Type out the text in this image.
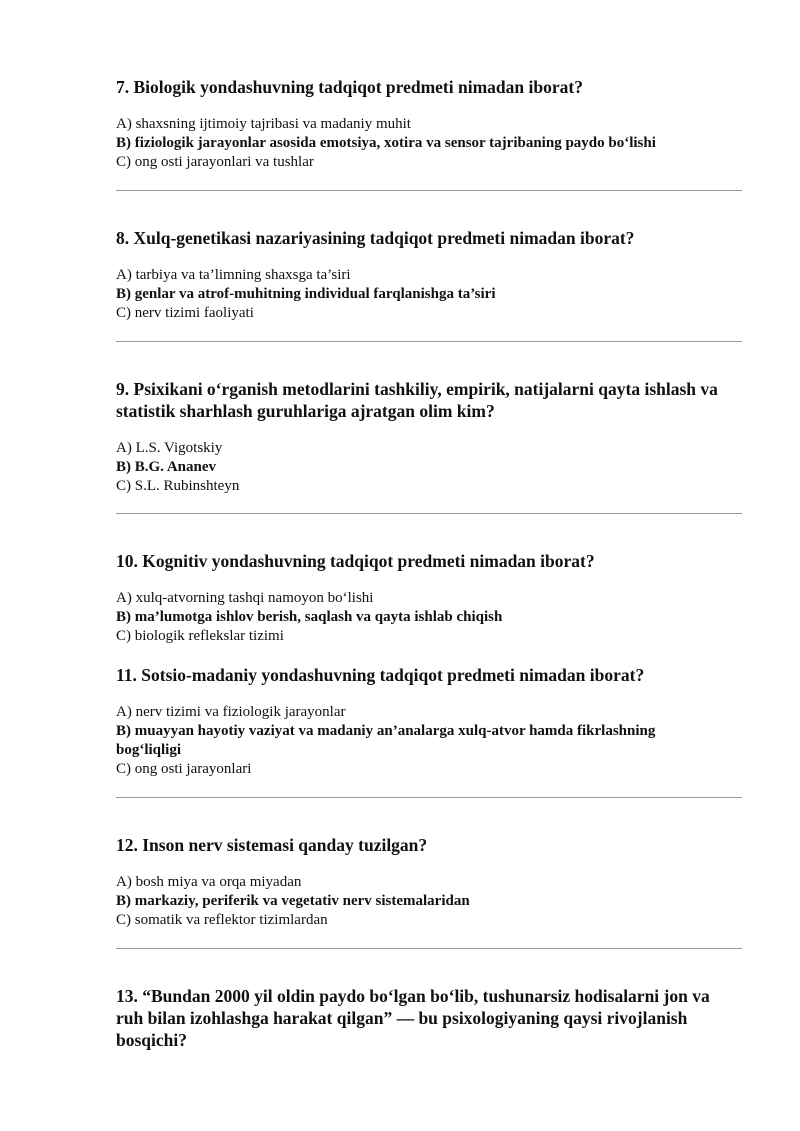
7. Biologik yondashuvning tadqiqot predmeti nimadan iborat?

A) shaxsning ijtimoiy tajribasi va madaniy muhit

B) fiziologik jarayonlar asosida emotsiya, xotira va sensor tajribaning paydo bo‘lishi

C) ong osti jarayonlari va tushlar

8. Xulq-genetikasi nazariyasining tadqiqot predmeti nimadan iborat?

A) tarbiya va ta’limning shaxsga ta’siri

B) genlar va atrof-muhitning individual farqlanishga ta’siri

C) nerv tizimi faoliyati

9. Psixikani o‘rganish metodlarini tashkiliy, empirik, natijalarni qayta ishlash va

statistik sharhlash guruhlariga ajratgan olim kim?

A) L.S. Vigotskiy

B) B.G. Ananev

C) S.L. Rubinshteyn

10. Kognitiv yondashuvning tadqiqot predmeti nimadan iborat?

A) xulq-atvorning tashqi namoyon bo‘lishi

B) ma’lumotga ishlov berish, saqlash va qayta ishlab chiqish

C) biologik reflekslar tizimi

11. Sotsio-madaniy yondashuvning tadqiqot predmeti nimadan iborat?

A) nerv tizimi va fiziologik jarayonlar

B) muayyan hayotiy vaziyat va madaniy an’analarga xulq-atvor hamda fikrlashning

bog‘liqligi

C) ong osti jarayonlari

12. Inson nerv sistemasi qanday tuzilgan?

A) bosh miya va orqa miyadan

B) markaziy, periferik va vegetativ nerv sistemalaridan

C) somatik va reflektor tizimlardan

13. “Bundan 2000 yil oldin paydo bo‘lgan bo‘lib, tushunarsiz hodisalarni jon va

ruh bilan izohlashga harakat qilgan” — bu psixologiyaning qaysi rivojlanish

bosqichi?
